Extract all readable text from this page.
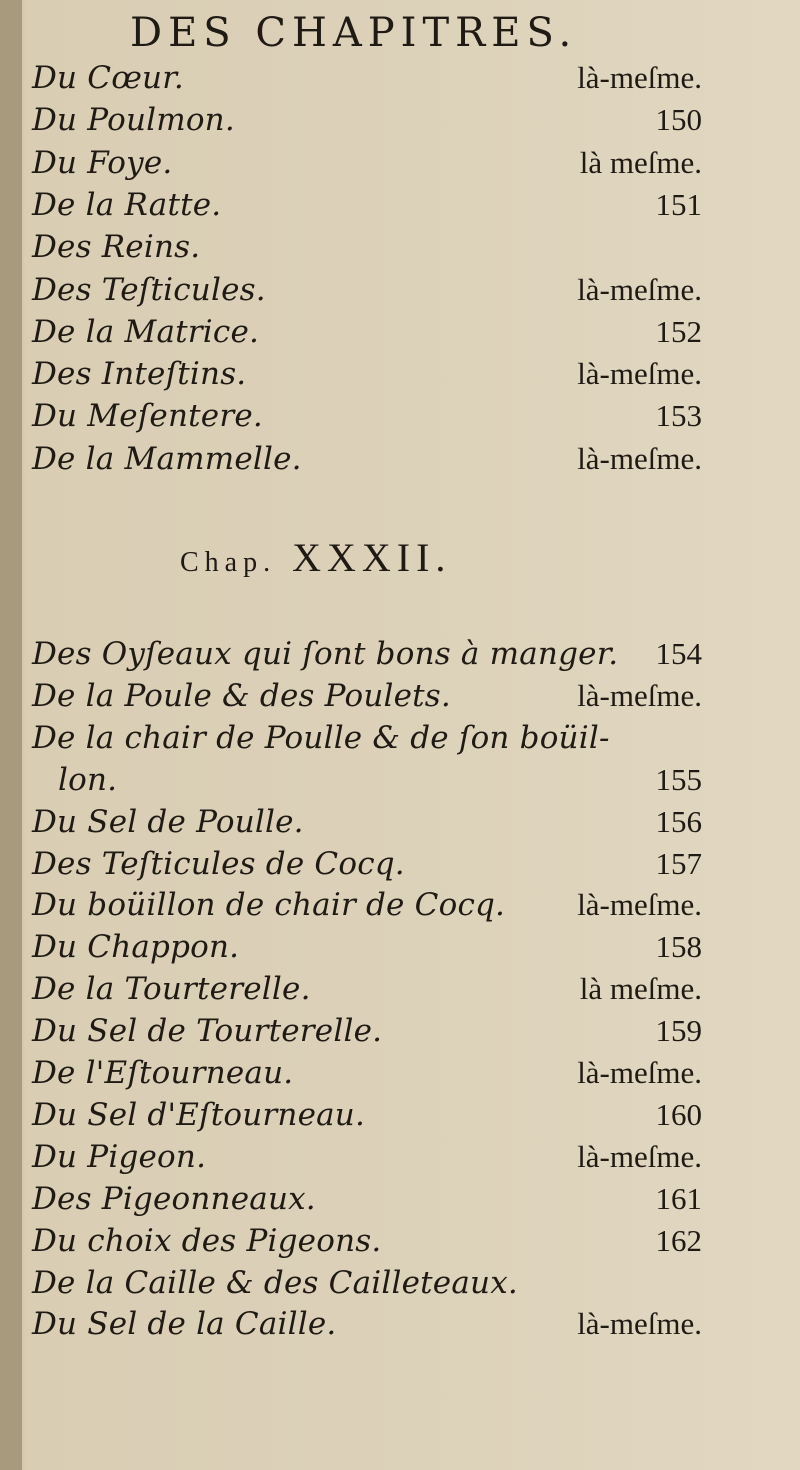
DES CHAPITRES.
Du Cœur.	là-meſme.
Du Poulmon.	150
Du Foye.	là meſme.
De la Ratte.	151
Des Reins.
Des Teſticules.	là-meſme.
De la Matrice.	152
Des Inteſtins.	là-meſme.
Du Meſentere.	153
De la Mammelle.	là-meſme.
Chap. XXXII.
Des Oyſeaux qui ſont bons à manger. 154
De la Poule & des Poulets.	là-meſme.
De la chair de Poulle & de ſon boüil-
lon.	155
Du Sel de Poulle.	156
Des Teſticules de Cocq.	157
Du boüillon de chair de Cocq. là-meſme.
Du Chappon.	158
De la Tourterelle.	là meſme.
Du Sel de Tourterelle.	159
De l'Eſtourneau.	là-meſme.
Du Sel d'Eſtourneau.	160
Du Pigeon.	là-meſme.
Des Pigeonneaux.	161
Du choix des Pigeons.	162
De la Caille & des Cailleteaux.
Du Sel de la Caille.	là-meſme.
